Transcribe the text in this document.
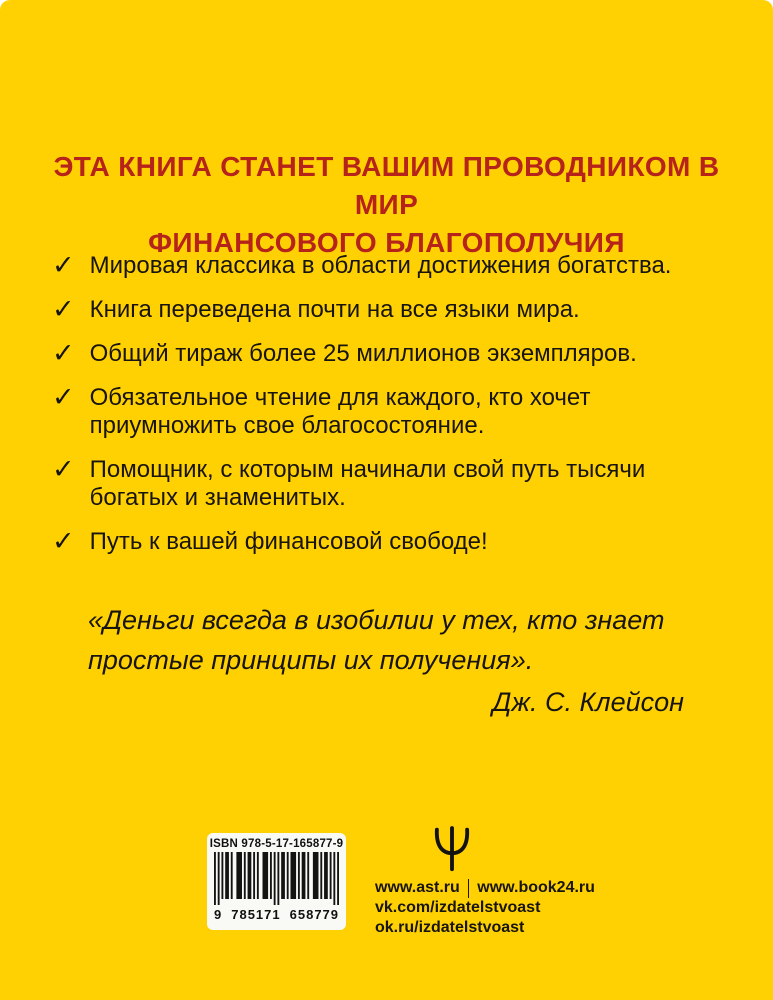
ЭТА КНИГА СТАНЕТ ВАШИМ ПРОВОДНИКОМ В МИР
ФИНАНСОВОГО БЛАГОПОЛУЧИЯ
✓ Мировая классика в области достижения богатства.
✓ Книга переведена почти на все языки мира.
✓ Общий тираж более 25 миллионов экземпляров.
✓ Обязательное чтение для каждого, кто хочет приумножить свое благосостояние.
✓ Помощник, с которым начинали свой путь тысячи богатых и знаменитых.
✓ Путь к вашей финансовой свободе!

«Деньги всегда в изобилии у тех, кто знает простые принципы их получения».

Дж. С. Клейсон
ISBN 978-5-17-165877-9
9 785171 658779
www.ast.ru www.book24.ru
vk.com/izdatelstvoast
ok.ru/izdatelstvoast
